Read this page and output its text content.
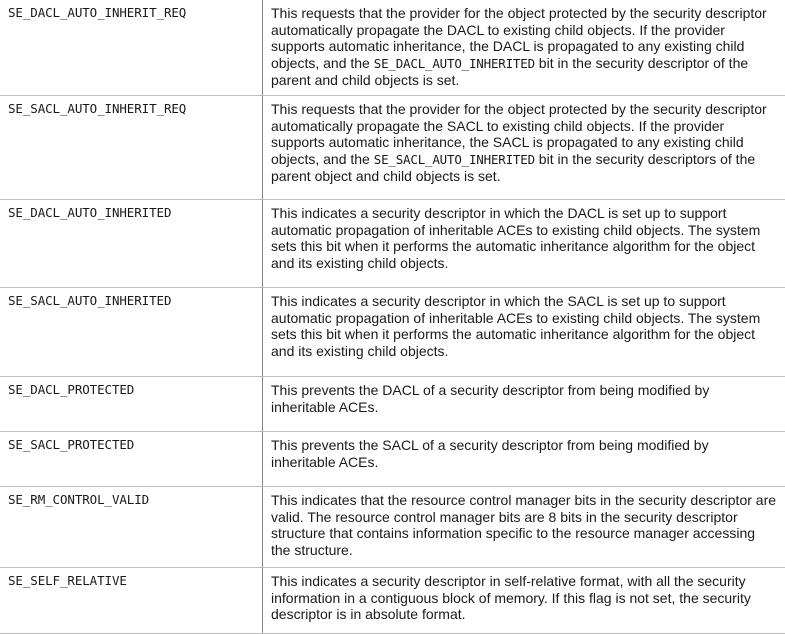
SE_DACL_AUTO_INHERIT_REQ	This requests that the provider for the object protected by the security descriptor automatically propagate the DACL to existing child objects. If the provider supports automatic inheritance, the DACL is propagated to any existing child objects, and the SE_DACL_AUTO_INHERITED bit in the security descriptor of the parent and child objects is set.
SE_SACL_AUTO_INHERIT_REQ	This requests that the provider for the object protected by the security descriptor automatically propagate the SACL to existing child objects. If the provider supports automatic inheritance, the SACL is propagated to any existing child objects, and the SE_SACL_AUTO_INHERITED bit in the security descriptors of the parent object and child objects is set.
SE_DACL_AUTO_INHERITED	This indicates a security descriptor in which the DACL is set up to support automatic propagation of inheritable ACEs to existing child objects. The system sets this bit when it performs the automatic inheritance algorithm for the object and its existing child objects.
SE_SACL_AUTO_INHERITED	This indicates a security descriptor in which the SACL is set up to support automatic propagation of inheritable ACEs to existing child objects. The system sets this bit when it performs the automatic inheritance algorithm for the object and its existing child objects.
SE_DACL_PROTECTED	This prevents the DACL of a security descriptor from being modified by inheritable ACEs.
SE_SACL_PROTECTED	This prevents the SACL of a security descriptor from being modified by inheritable ACEs.
SE_RM_CONTROL_VALID	This indicates that the resource control manager bits in the security descriptor are valid. The resource control manager bits are 8 bits in the security descriptor structure that contains information specific to the resource manager accessing the structure.
SE_SELF_RELATIVE	This indicates a security descriptor in self-relative format, with all the security information in a contiguous block of memory. If this flag is not set, the security descriptor is in absolute format.
